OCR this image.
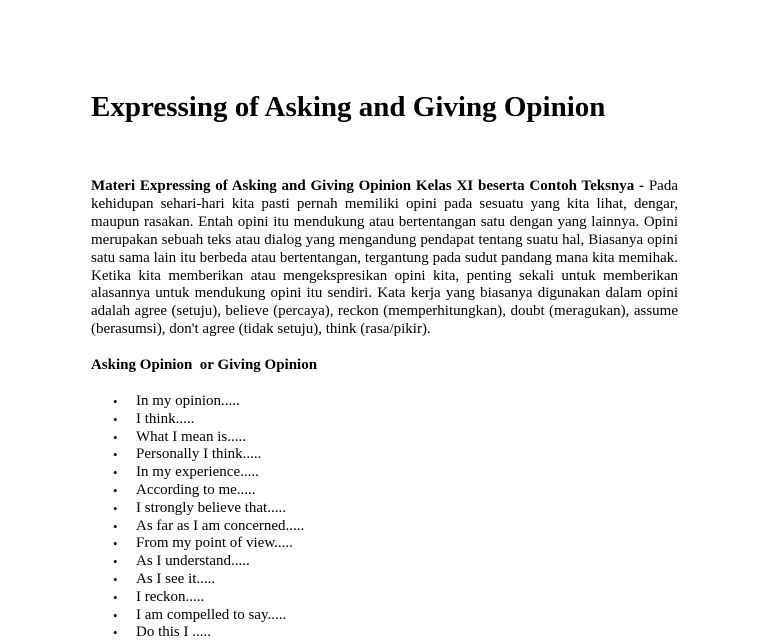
Expressing of Asking and Giving Opinion

Materi Expressing of Asking and Giving Opinion Kelas XI beserta Contoh Teksnya - Pada kehidupan sehari-hari kita pasti pernah memiliki opini pada sesuatu yang kita lihat, dengar, maupun rasakan. Entah opini itu mendukung atau bertentangan satu dengan yang lainnya. Opini merupakan sebuah teks atau dialog yang mengandung pendapat tentang suatu hal, Biasanya opini satu sama lain itu berbeda atau bertentangan, tergantung pada sudut pandang mana kita memihak. Ketika kita memberikan atau mengekspresikan opini kita, penting sekali untuk memberikan alasannya untuk mendukung opini itu sendiri. Kata kerja yang biasanya digunakan dalam opini adalah agree (setuju), believe (percaya), reckon (memperhitungkan), doubt (meragukan), assume (berasumsi), don't agree (tidak setuju), think (rasa/pikir).

Asking Opinion  or Giving Opinion

• In my opinion.....
• I think.....
• What I mean is.....
• Personally I think.....
• In my experience.....
• According to me.....
• I strongly believe that.....
• As far as I am concerned.....
• From my point of view.....
• As I understand.....
• As I see it.....
• I reckon.....
• I am compelled to say.....
• Do this I .....
